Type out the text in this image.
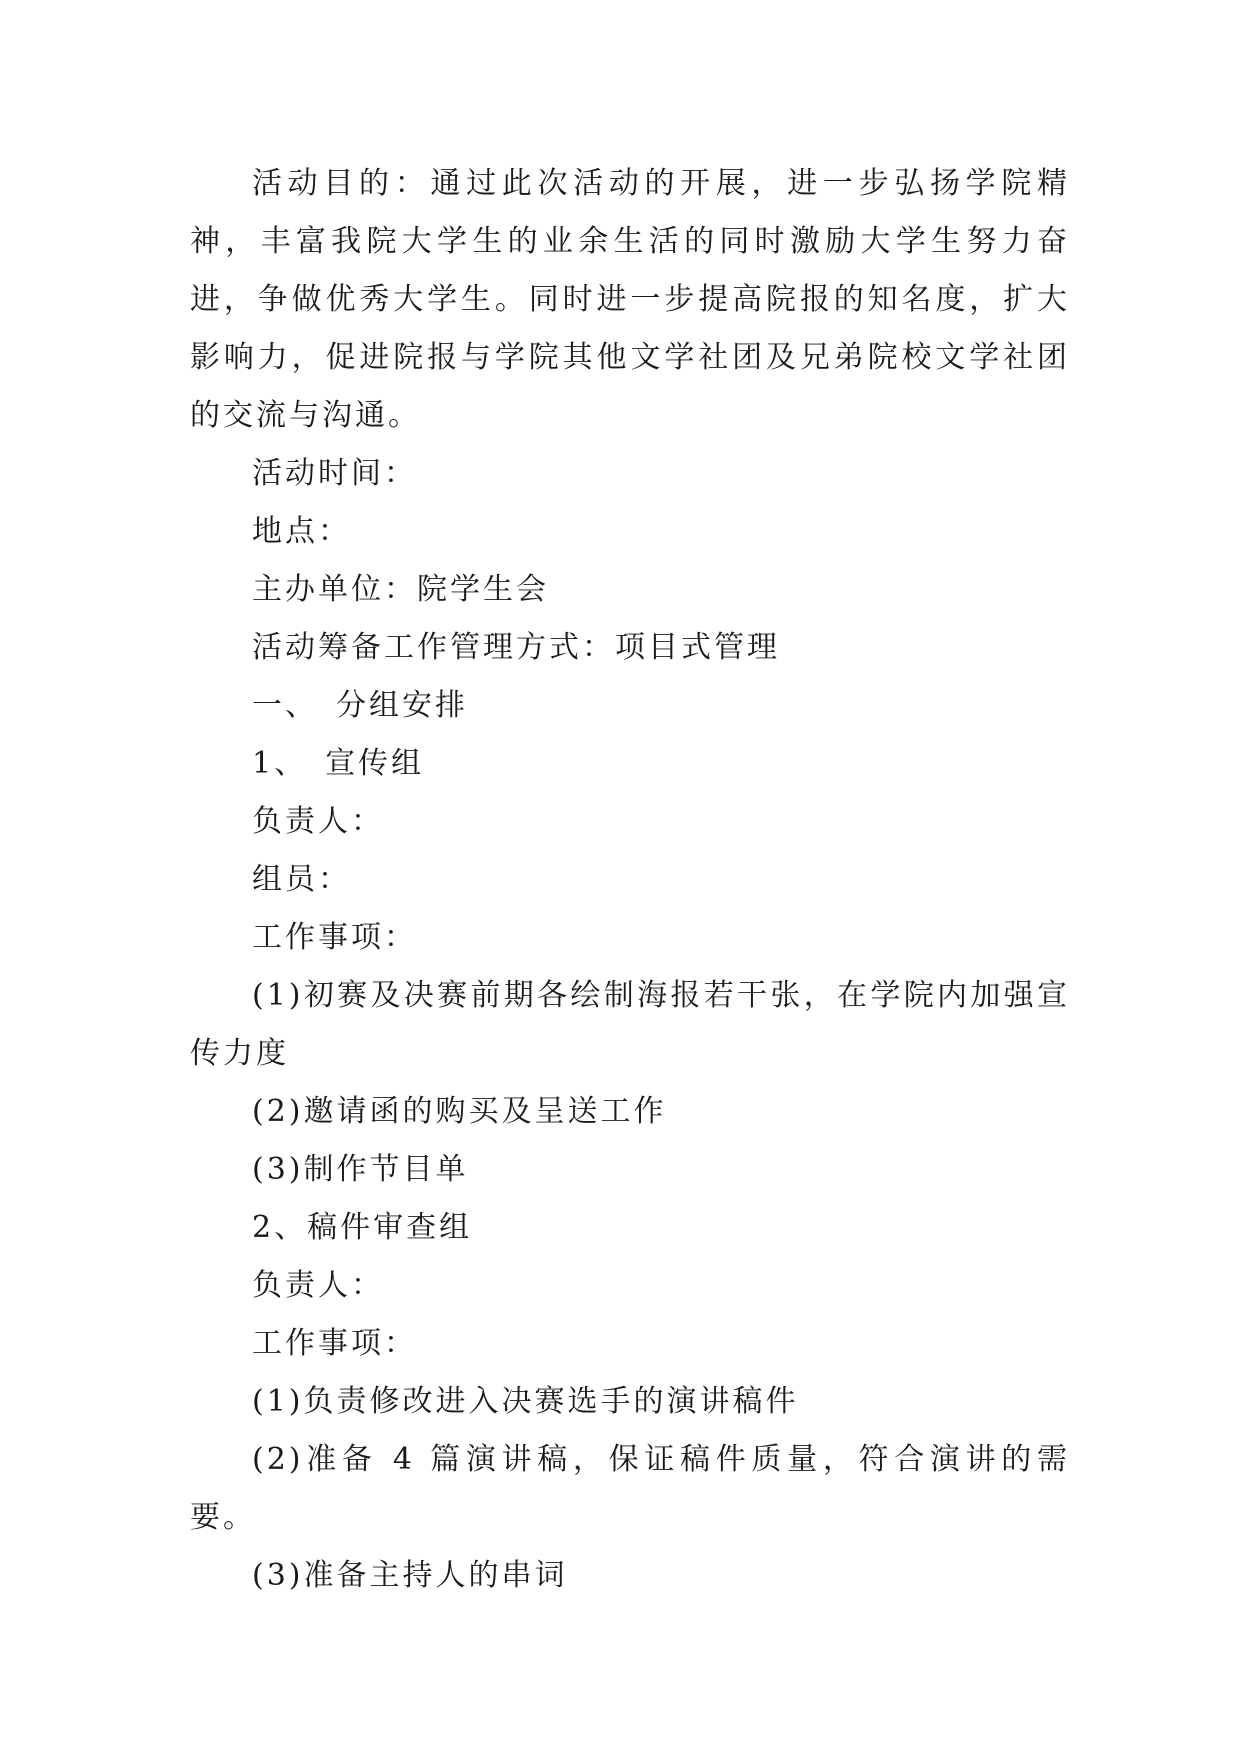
活动目的：通过此次活动的开展，进一步弘扬学院精神，丰富我院大学生的业余生活的同时激励大学生努力奋进，争做优秀大学生。同时进一步提高院报的知名度，扩大影响力，促进院报与学院其他文学社团及兄弟院校文学社团的交流与沟通。

活动时间：

地点：

主办单位：院学生会

活动筹备工作管理方式：项目式管理

一、　分组安排

1、　宣传组

负责人：

组员：

工作事项：

(1)初赛及决赛前期各绘制海报若干张，在学院内加强宣传力度

(2)邀请函的购买及呈送工作

(3)制作节目单

2、稿件审查组

负责人：

工作事项：

(1)负责修改进入决赛选手的演讲稿件

(2)准备 4 篇演讲稿，保证稿件质量，符合演讲的需要。

(3)准备主持人的串词
